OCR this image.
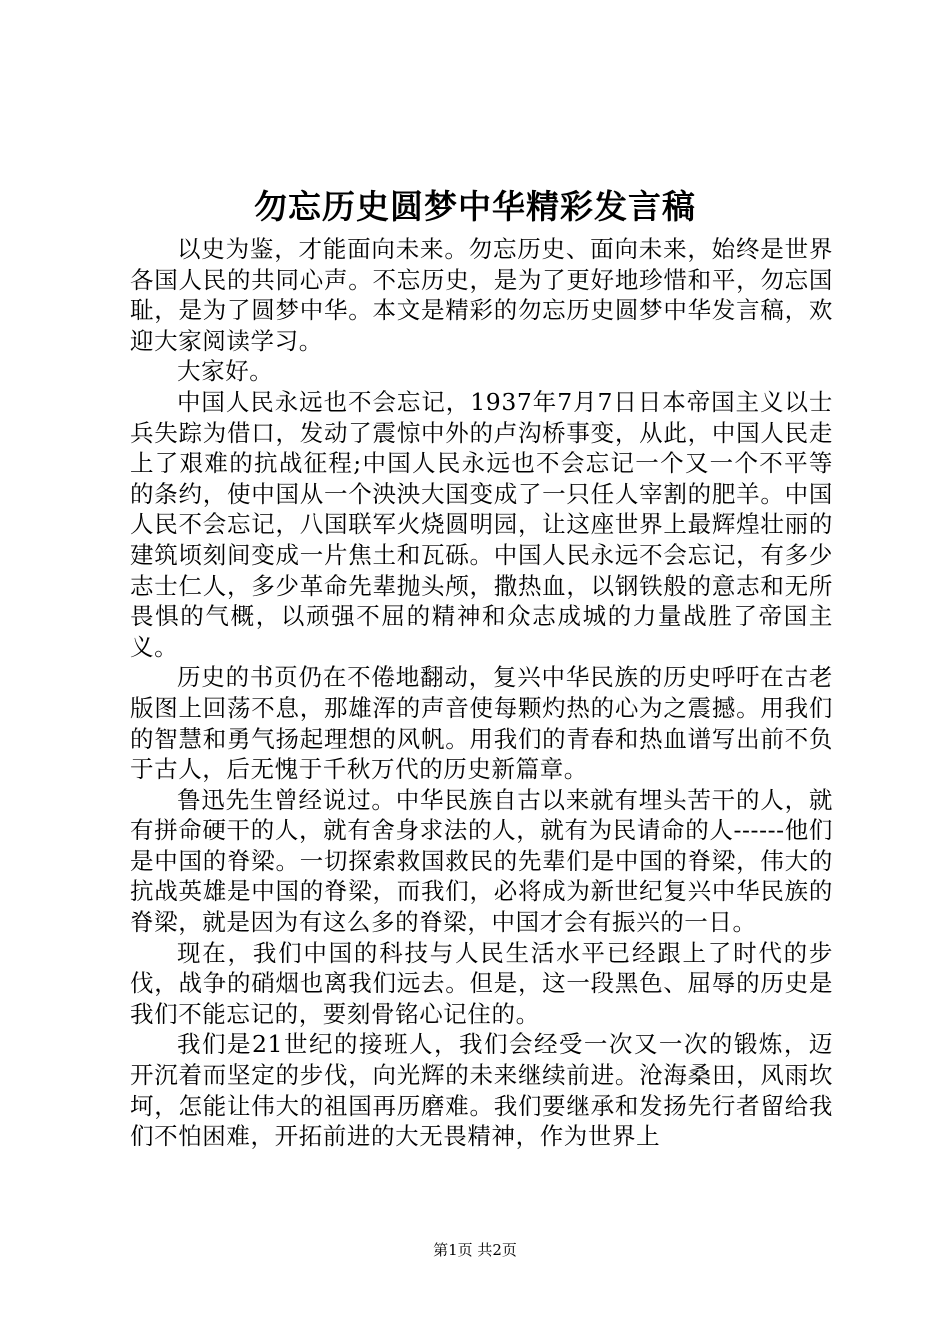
勿忘历史圆梦中华精彩发言稿

以史为鉴，才能面向未来。勿忘历史、面向未来，始终是世界各国人民的共同心声。不忘历史，是为了更好地珍惜和平，勿忘国耻，是为了圆梦中华。本文是精彩的勿忘历史圆梦中华发言稿，欢迎大家阅读学习。

大家好。

中国人民永远也不会忘记，1937年7月7日日本帝国主义以士兵失踪为借口，发动了震惊中外的卢沟桥事变，从此，中国人民走上了艰难的抗战征程;中国人民永远也不会忘记一个又一个不平等的条约，使中国从一个泱泱大国变成了一只任人宰割的肥羊。中国人民不会忘记，八国联军火烧圆明园，让这座世界上最辉煌壮丽的建筑顷刻间变成一片焦土和瓦砾。中国人民永远不会忘记，有多少志士仁人，多少革命先辈抛头颅，撒热血，以钢铁般的意志和无所畏惧的气概，以顽强不屈的精神和众志成城的力量战胜了帝国主义。

历史的书页仍在不倦地翻动，复兴中华民族的历史呼吁在古老版图上回荡不息，那雄浑的声音使每颗灼热的心为之震撼。用我们的智慧和勇气扬起理想的风帆。用我们的青春和热血谱写出前不负于古人，后无愧于千秋万代的历史新篇章。

鲁迅先生曾经说过。中华民族自古以来就有埋头苦干的人，就有拼命硬干的人，就有舍身求法的人，就有为民请命的人------他们是中国的脊梁。一切探索救国救民的先辈们是中国的脊梁，伟大的抗战英雄是中国的脊梁，而我们，必将成为新世纪复兴中华民族的脊梁，就是因为有这么多的脊梁，中国才会有振兴的一日。

现在，我们中国的科技与人民生活水平已经跟上了时代的步伐，战争的硝烟也离我们远去。但是，这一段黑色、屈辱的历史是我们不能忘记的，要刻骨铭心记住的。

我们是21世纪的接班人，我们会经受一次又一次的锻炼，迈开沉着而坚定的步伐，向光辉的未来继续前进。沧海桑田，风雨坎坷，怎能让伟大的祖国再历磨难。我们要继承和发扬先行者留给我们不怕困难，开拓前进的大无畏精神，作为世界上

第1页 共2页
